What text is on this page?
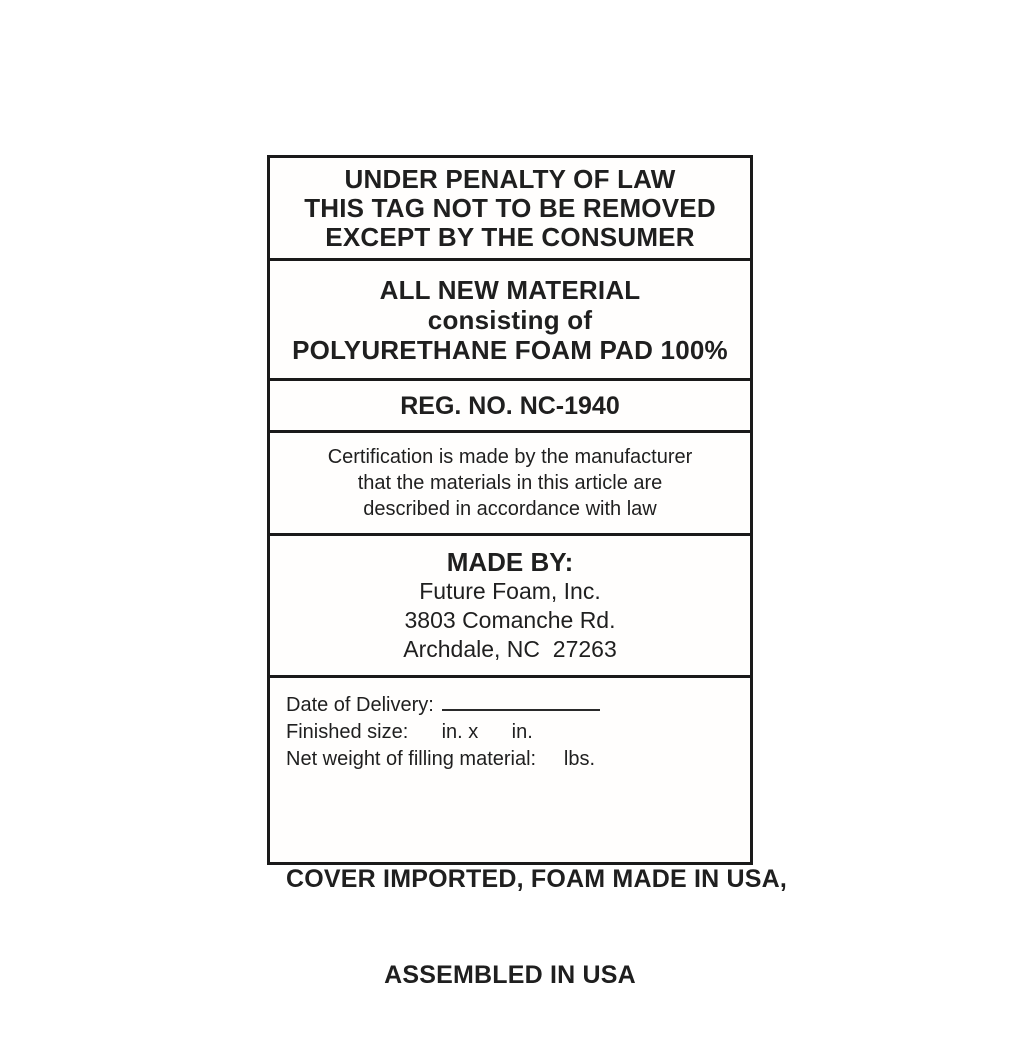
UNDER PENALTY OF LAW
THIS TAG NOT TO BE REMOVED
EXCEPT BY THE CONSUMER
ALL NEW MATERIAL
consisting of
POLYURETHANE FOAM PAD 100%
REG. NO. NC-1940
Certification is made by the manufacturer
that the materials in this article are
described in accordance with law
MADE BY:
Future Foam, Inc.
3803 Comanche Rd.
Archdale, NC  27263
Date of Delivery:
Finished size:      in. x      in.
Net weight of filling material:     lbs.

COVER IMPORTED, FOAM MADE IN USA,

ASSEMBLED IN USA
